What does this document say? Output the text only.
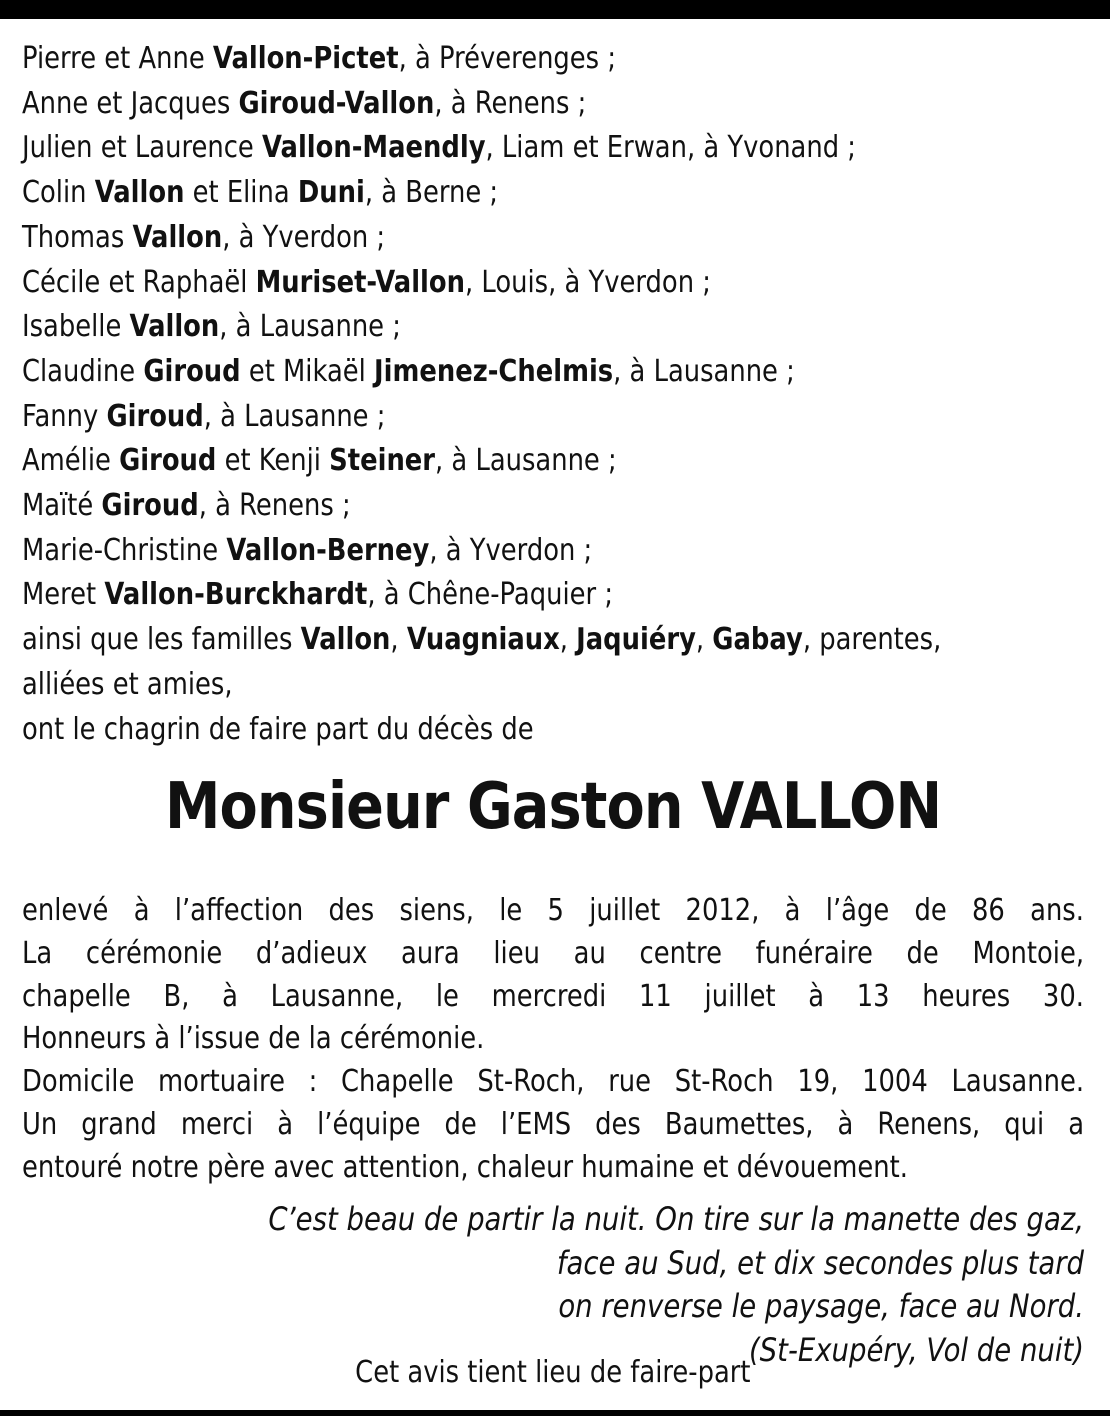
Pierre et Anne Vallon-Pictet, à Préverenges ;
Anne et Jacques Giroud-Vallon, à Renens ;
Julien et Laurence Vallon-Maendly, Liam et Erwan, à Yvonand ;
Colin Vallon et Elina Duni, à Berne ;
Thomas Vallon, à Yverdon ;
Cécile et Raphaël Muriset-Vallon, Louis, à Yverdon ;
Isabelle Vallon, à Lausanne ;
Claudine Giroud et Mikaël Jimenez-Chelmis, à Lausanne ;
Fanny Giroud, à Lausanne ;
Amélie Giroud et Kenji Steiner, à Lausanne ;
Maïté Giroud, à Renens ;
Marie-Christine Vallon-Berney, à Yverdon ;
Meret Vallon-Burckhardt, à Chêne-Paquier ;
ainsi que les familles Vallon, Vuagniaux, Jaquiéry, Gabay, parentes,
alliées et amies,
ont le chagrin de faire part du décès de
Monsieur Gaston VALLON
enlevé à l’affection des siens, le 5 juillet 2012, à l’âge de 86 ans.
La cérémonie d’adieux aura lieu au centre funéraire de Montoie,
chapelle B, à Lausanne, le mercredi 11 juillet à 13 heures 30.
Honneurs à l’issue de la cérémonie.
Domicile mortuaire : Chapelle St-Roch, rue St-Roch 19, 1004 Lausanne.
Un grand merci à l’équipe de l’EMS des Baumettes, à Renens, qui a
entouré notre père avec attention, chaleur humaine et dévouement.
C’est beau de partir la nuit. On tire sur la manette des gaz,
face au Sud, et dix secondes plus tard
on renverse le paysage, face au Nord.
(St-Exupéry, Vol de nuit)
Cet avis tient lieu de faire-part
